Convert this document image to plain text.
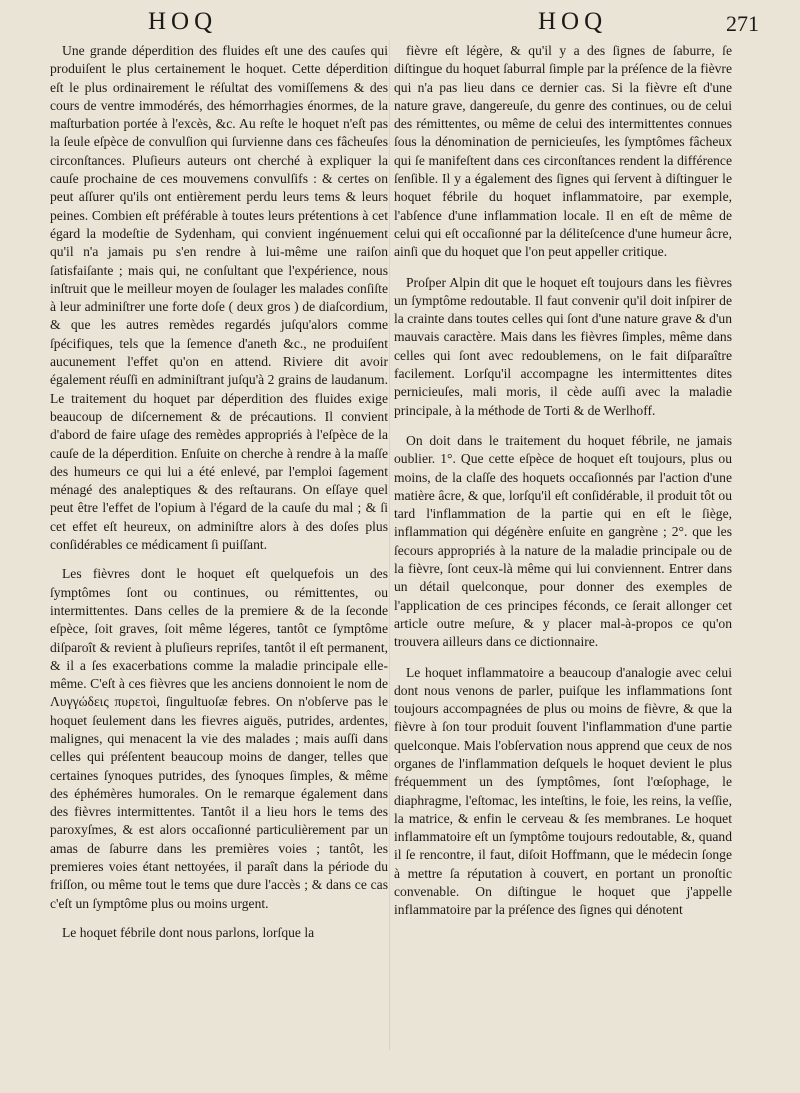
HOQ	HOQ	271

Une grande déperdition des fluides eſt une des cauſes qui produiſent le plus certainement le hoquet. Cette déperdition eſt le plus ordinairement le réſultat des vomiſſemens & des cours de ventre immodérés, des hémorrhagies énormes, de la maſturbation portée à l'excès, &c. Au reſte le hoquet n'eſt pas la ſeule eſpèce de convulſion qui ſurvienne dans ces fâcheuſes circonſtances. Pluſieurs auteurs ont cherché à expliquer la cauſe prochaine de ces mouvemens convulſifs : & certes on peut aſſurer qu'ils ont entièrement perdu leurs tems & leurs peines. Combien eſt préférable à toutes leurs prétentions à cet égard la modeſtie de Sydenham, qui convient ingénuement qu'il n'a jamais pu s'en rendre à lui-même une raiſon ſatisfaiſante ; mais qui, ne conſultant que l'expérience, nous inſtruit que le meilleur moyen de ſoulager les malades conſiſte à leur adminiſtrer une forte doſe ( deux gros ) de diaſcordium, & que les autres remèdes regardés juſqu'alors comme ſpécifiques, tels que la ſemence d'aneth &c., ne produiſent aucunement l'effet qu'on en attend. Riviere dit avoir également réuſſi en adminiſtrant juſqu'à 2 grains de laudanum. Le traitement du hoquet par déperdition des fluides exige beaucoup de diſcernement & de précautions. Il convient d'abord de faire uſage des remèdes appropriés à l'eſpèce de la cauſe de la déperdition. Enſuite on cherche à rendre à la maſſe des humeurs ce qui lui a été enlevé, par l'emploi ſagement ménagé des analeptiques & des reſtaurans. On eſſaye quel peut être l'effet de l'opium à l'égard de la cauſe du mal ; & ſi cet effet eſt heureux, on adminiſtre alors à des doſes plus conſidérables ce médicament ſi puiſſant.

Les fièvres dont le hoquet eſt quelquefois un des ſymptômes ſont ou continues, ou rémittentes, ou intermittentes. Dans celles de la premiere & de la ſeconde eſpèce, ſoit graves, ſoit même légeres, tantôt ce ſymptôme diſparoît & revient à pluſieurs repriſes, tantôt il eſt permanent, & il a ſes exacerbations comme la maladie principale elle-même. C'eſt à ces fièvres que les anciens donnoient le nom de Λυγγώδεις πυρετοὶ, ſingultuoſæ febres. On n'obſerve pas le hoquet ſeulement dans les fievres aiguës, putrides, ardentes, malignes, qui menacent la vie des malades ; mais auſſi dans celles qui préſentent beaucoup moins de danger, telles que certaines ſynoques putrides, des ſynoques ſimples, & même des éphémères humorales. On le remarque également dans des fièvres intermittentes. Tantôt il a lieu hors le tems des paroxyſmes, & est alors occaſionné particulièrement par un amas de ſaburre dans les premières voies ; tantôt, les premieres voies étant nettoyées, il paraît dans la période du friſſon, ou même tout le tems que dure l'accès ; & dans ce cas c'eſt un ſymptôme plus ou moins urgent.

Le hoquet fébrile dont nous parlons, lorſque la

fièvre eſt légère, & qu'il y a des ſignes de ſaburre, ſe diſtingue du hoquet ſaburral ſimple par la préſence de la fièvre qui n'a pas lieu dans ce dernier cas. Si la fièvre eſt d'une nature grave, dangereuſe, du genre des continues, ou de celui des rémittentes, ou même de celui des intermittentes connues ſous la dénomination de pernicieuſes, les ſymptômes fâcheux qui ſe manifeſtent dans ces circonſtances rendent la différence ſenſible. Il y a également des ſignes qui ſervent à diſtinguer le hoquet fébrile du hoquet inflammatoire, par exemple, l'abſence d'une inflammation locale. Il en eſt de même de celui qui eſt occaſionné par la déliteſcence d'une humeur âcre, ainſi que du hoquet que l'on peut appeller critique.

Proſper Alpin dit que le hoquet eſt toujours dans les fièvres un ſymptôme redoutable. Il faut convenir qu'il doit inſpirer de la crainte dans toutes celles qui ſont d'une nature grave & d'un mauvais caractère. Mais dans les fièvres ſimples, même dans celles qui ſont avec redoublemens, on le fait diſparaître facilement. Lorſqu'il accompagne les intermittentes dites pernicieuſes, mali moris, il cède auſſi avec la maladie principale, à la méthode de Torti & de Werlhoff.

On doit dans le traitement du hoquet fébrile, ne jamais oublier. 1°. Que cette eſpèce de hoquet eſt toujours, plus ou moins, de la claſſe des hoquets occaſionnés par l'action d'une matière âcre, & que, lorſqu'il eſt conſidérable, il produit tôt ou tard l'inflammation de la partie qui en eſt le ſiège, inflammation qui dégénère enſuite en gangrène ; 2°. que les ſecours appropriés à la nature de la maladie principale ou de la fièvre, ſont ceux-là même qui lui conviennent. Entrer dans un détail quelconque, pour donner des exemples de l'application de ces principes féconds, ce ſerait allonger cet article outre meſure, & y placer mal-à-propos ce qu'on trouvera ailleurs dans ce dictionnaire.

Le hoquet inflammatoire a beaucoup d'analogie avec celui dont nous venons de parler, puiſque les inflammations ſont toujours accompagnées de plus ou moins de fièvre, & que la fièvre à ſon tour produit ſouvent l'inflammation d'une partie quelconque. Mais l'obſervation nous apprend que ceux de nos organes de l'inflammation deſquels le hoquet devient le plus fréquemment un des ſymptômes, ſont l'œſophage, le diaphragme, l'eſtomac, les inteſtins, le foie, les reins, la veſſie, la matrice, & enfin le cerveau & ſes membranes. Le hoquet inflammatoire eſt un ſymptôme toujours redoutable, &, quand il ſe rencontre, il faut, diſoit Hoffmann, que le médecin ſonge à mettre ſa réputation à couvert, en portant un pronoſtic convenable. On diſtingue le hoquet que j'appelle inflammatoire par la préſence des ſignes qui dénotent
